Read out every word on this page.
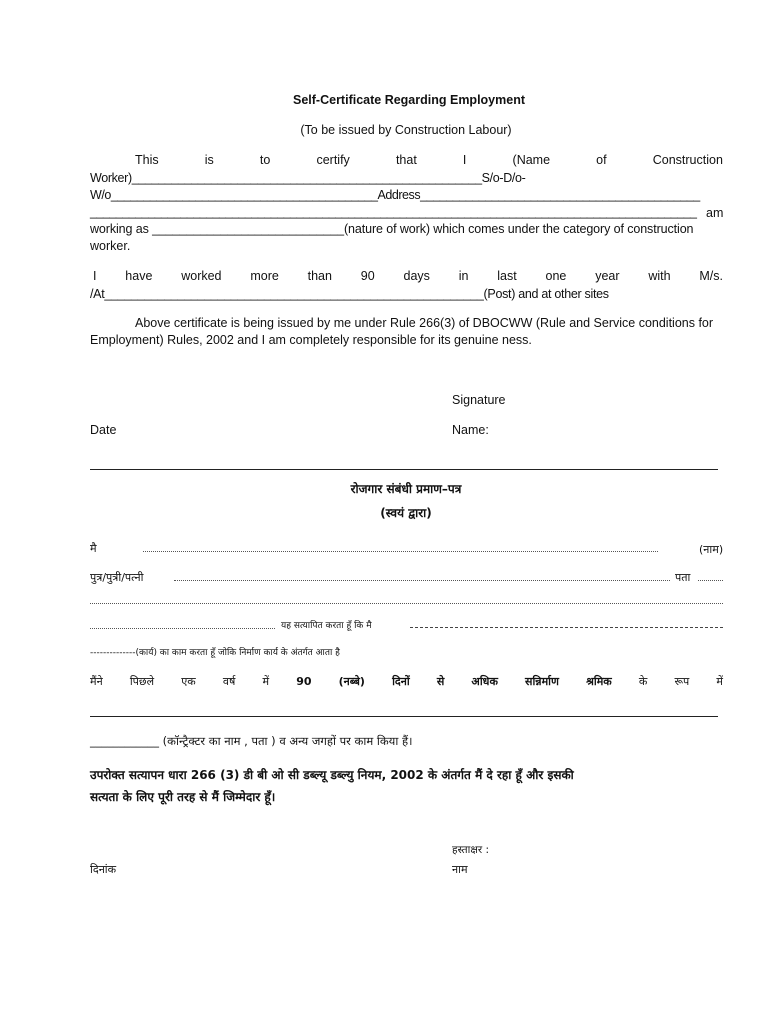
Self-Certificate Regarding Employment
(To be issued by Construction Labour)
This	is	to	certify	that	I	(Name	of	Construction
Worker)_____________________________________________________S/o-D/o-
W/o_________________________________________Address___________________________________________
______________________________________________________________________________________________ am
working as ____________________________(nature of work) which comes under the category of construction
worker.
I have worked more than 90 days in last one year with M/s.
/At_________________________________________________________(Post) and at other sites
Above certificate is being issued by me under Rule 266(3) of DBOCWW (Rule and Service conditions for
Employment) Rules, 2002 and I am completely responsible for its genuine ness.
Signature
Date	Name:
रोजगार संबंधी प्रमाण–पत्र
(स्वयं द्वारा)
मै	(नाम)
पुत्र/पुत्री/पत्नी	पता
यह सत्यापित करता हूँ कि मै
--------------(कार्य) का काम करता हूँ जोकि निर्माण कार्य के अंतर्गत आता है
मैंने पिछले एक वर्ष में 90 (नब्बे) दिनों से अधिक सन्निर्माण श्रमिक के रूप में
____________ (कॉन्ट्रैक्टर का नाम , पता ) व अन्य जगहों पर काम किया हैं।
उपरोक्त सत्यापन धारा 266 (3) डी बी ओ सी डब्ल्यू डब्ल्यु नियम, 2002 के अंतर्गत मैं दे रहा हूँ और इसकी
सत्यता के लिए पूरी तरह से मैं जिम्मेदार हूँ।
हस्ताक्षर :
दिनांक	नाम
